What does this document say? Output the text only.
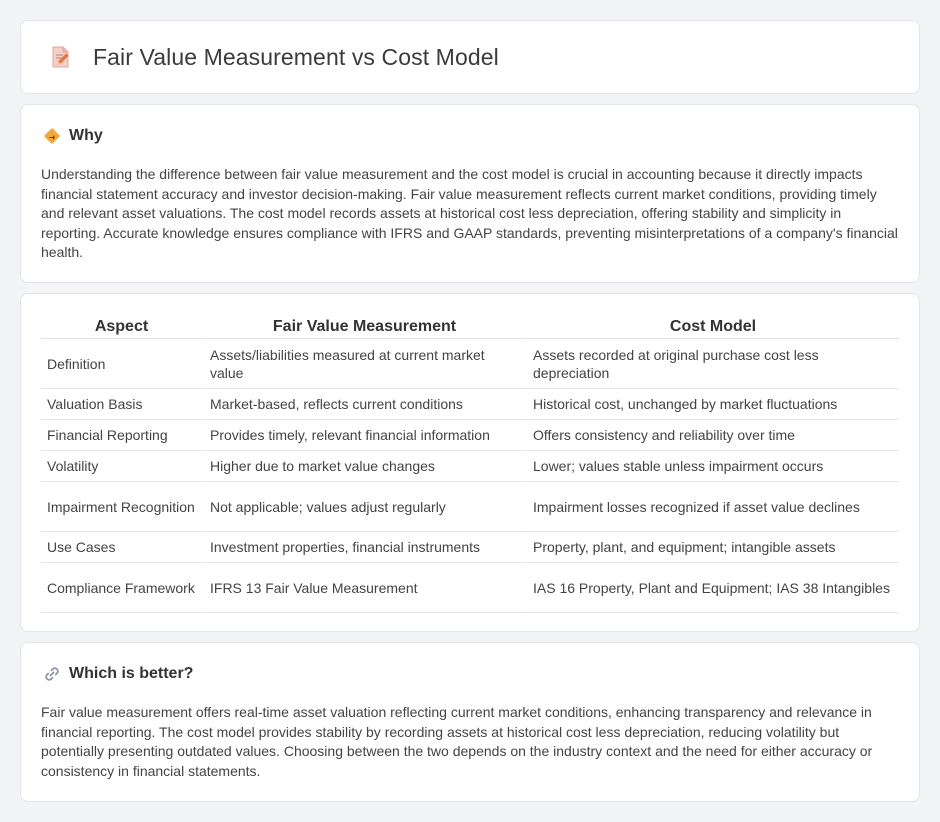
Fair Value Measurement vs Cost Model
Why

Understanding the difference between fair value measurement and the cost model is crucial in accounting because it directly impacts financial statement accuracy and investor decision-making. Fair value measurement reflects current market conditions, providing timely and relevant asset valuations. The cost model records assets at historical cost less depreciation, offering stability and simplicity in reporting. Accurate knowledge ensures compliance with IFRS and GAAP standards, preventing misinterpretations of a company's financial health.

Aspect	Fair Value Measurement	Cost Model
Definition	Assets/liabilities measured at current market value	Assets recorded at original purchase cost less depreciation
Valuation Basis	Market-based, reflects current conditions	Historical cost, unchanged by market fluctuations
Financial Reporting	Provides timely, relevant financial information	Offers consistency and reliability over time
Volatility	Higher due to market value changes	Lower; values stable unless impairment occurs
Impairment Recognition	Not applicable; values adjust regularly	Impairment losses recognized if asset value declines
Use Cases	Investment properties, financial instruments	Property, plant, and equipment; intangible assets
Compliance Framework	IFRS 13 Fair Value Measurement	IAS 16 Property, Plant and Equipment; IAS 38 Intangibles
Which is better?

Fair value measurement offers real-time asset valuation reflecting current market conditions, enhancing transparency and relevance in financial reporting. The cost model provides stability by recording assets at historical cost less depreciation, reducing volatility but potentially presenting outdated values. Choosing between the two depends on the industry context and the need for either accuracy or consistency in financial statements.
